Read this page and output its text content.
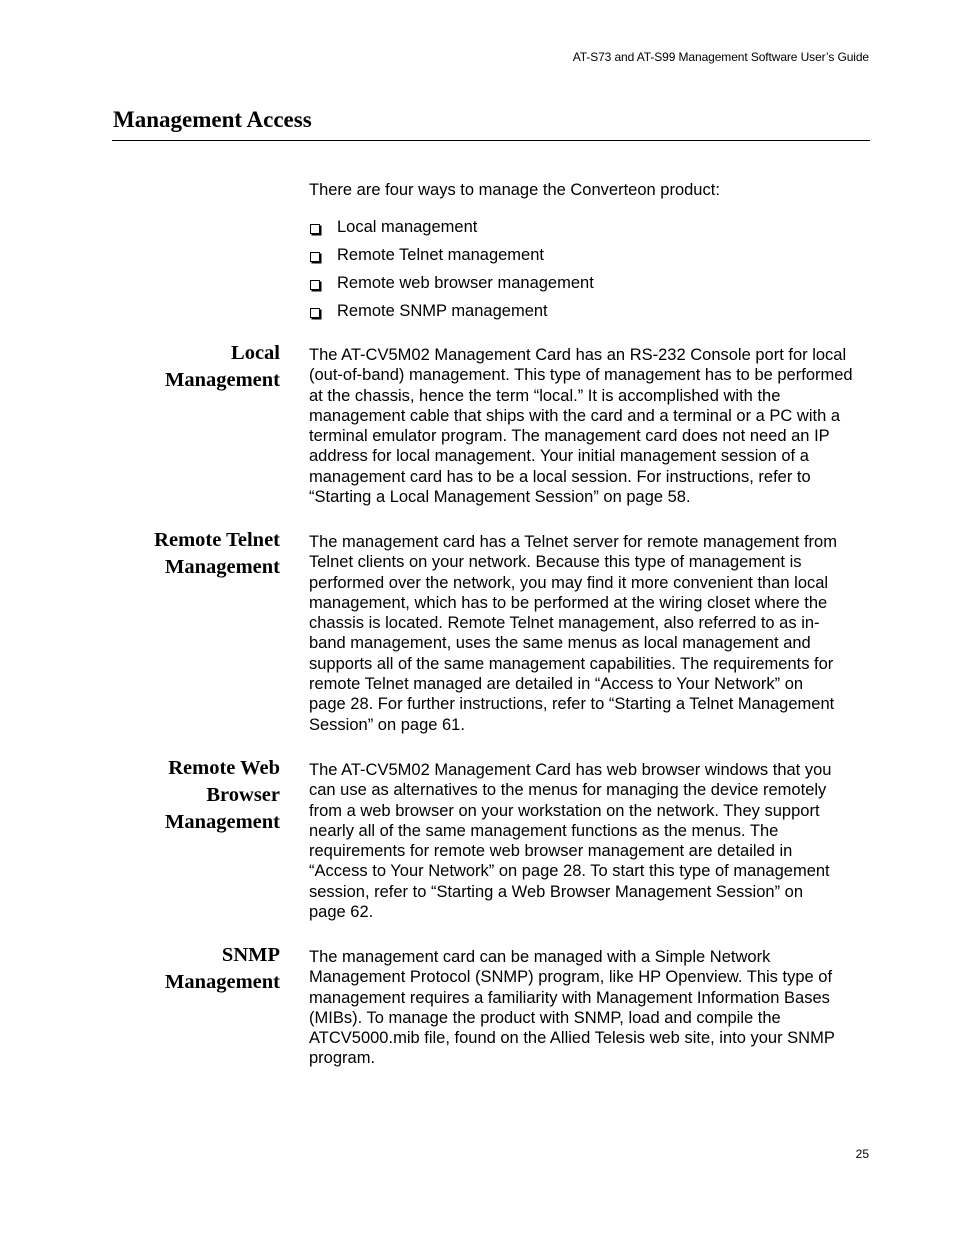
AT-S73 and AT-S99 Management Software User’s Guide
Management Access

There are four ways to manage the Converteon product:

Local management
Remote Telnet management
Remote web browser management
Remote SNMP management
Local
Management
The AT-CV5M02 Management Card has an RS-232 Console port for local
(out-of-band) management. This type of management has to be performed
at the chassis, hence the term “local.” It is accomplished with the
management cable that ships with the card and a terminal or a PC with a
terminal emulator program. The management card does not need an IP
address for local management. Your initial management session of a
management card has to be a local session. For instructions, refer to
“Starting a Local Management Session” on page 58.
Remote Telnet
Management
The management card has a Telnet server for remote management from
Telnet clients on your network. Because this type of management is
performed over the network, you may find it more convenient than local
management, which has to be performed at the wiring closet where the
chassis is located. Remote Telnet management, also referred to as in-
band management, uses the same menus as local management and
supports all of the same management capabilities. The requirements for
remote Telnet managed are detailed in “Access to Your Network” on
page 28. For further instructions, refer to “Starting a Telnet Management
Session” on page 61.
Remote Web
Browser
Management
The AT-CV5M02 Management Card has web browser windows that you
can use as alternatives to the menus for managing the device remotely
from a web browser on your workstation on the network. They support
nearly all of the same management functions as the menus. The
requirements for remote web browser management are detailed in
“Access to Your Network” on page 28. To start this type of management
session, refer to “Starting a Web Browser Management Session” on
page 62.
SNMP
Management
The management card can be managed with a Simple Network
Management Protocol (SNMP) program, like HP Openview. This type of
management requires a familiarity with Management Information Bases
(MIBs). To manage the product with SNMP, load and compile the
ATCV5000.mib file, found on the Allied Telesis web site, into your SNMP
program.
25
